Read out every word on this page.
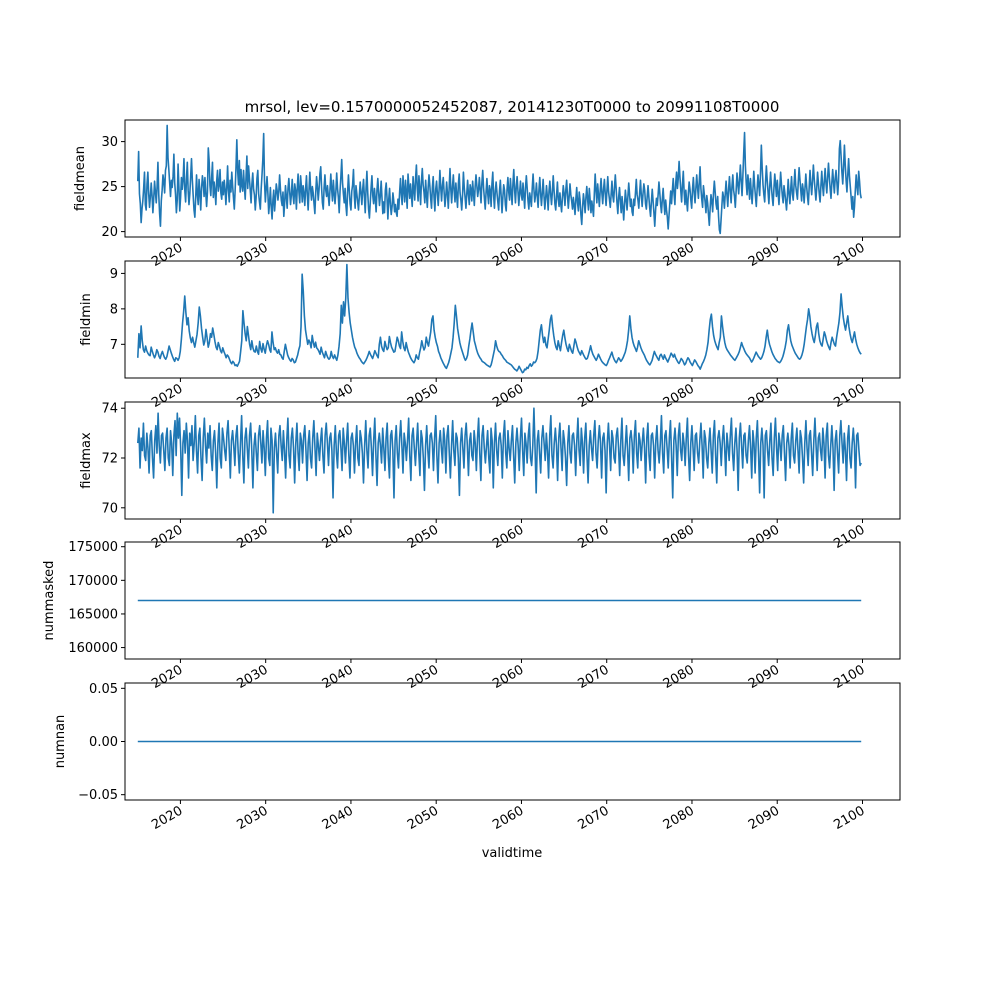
mrsol, lev=0.1570000052452087, 20141230T0000 to 20991108T0000
20
25
30
2020	2030	2040	2050	2060	2070	2080	2090	2100
fieldmean
7
8
9
2020	2030	2040	2050	2060	2070	2080	2090	2100
fieldmin
70
72
74
2020	2030	2040	2050	2060	2070	2080	2090	2100
fieldmax
160000
165000
170000
175000
2020	2030	2040	2050	2060	2070	2080	2090	2100
nummasked
−0.05
0.00
0.05
2020	2030	2040	2050	2060	2070	2080	2090	2100
numnan
validtime
